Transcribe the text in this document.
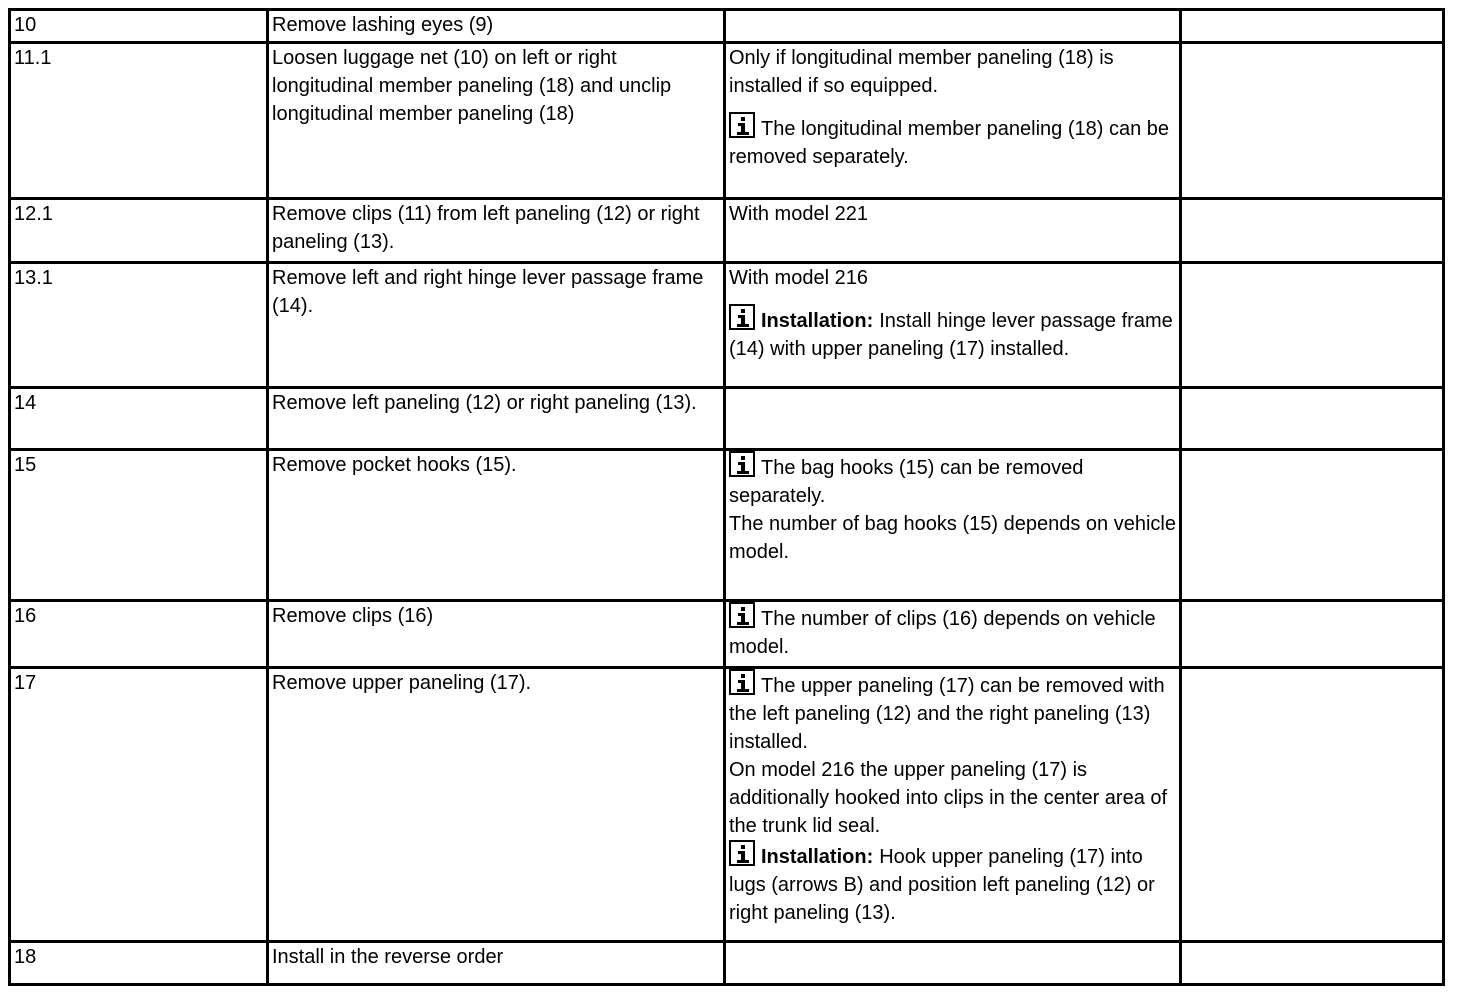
10	Remove lashing eyes (9)		
11.1	Loosen luggage net (10) on left or right longitudinal member paneling (18) and unclip longitudinal member paneling (18)	Only if longitudinal member paneling (18) is installed if so equipped.
The longitudinal member paneling (18) can be removed separately.	

12.1	Remove clips (11) from left paneling (12) or right paneling (13).	With model 221	

13.1	Remove left and right hinge lever passage frame (14).	With model 216
Installation: Install hinge lever passage frame (14) with upper paneling (17) installed.	

14	Remove left paneling (12) or right paneling (13).		
15	Remove pocket hooks (15).	The bag hooks (15) can be removed separately.
The number of bag hooks (15) depends on vehicle model.	

16	Remove clips (16)	The number of clips (16) depends on vehicle model.	

17	Remove upper paneling (17).	The upper paneling (17) can be removed with the left paneling (12) and the right paneling (13) installed.
On model 216 the upper paneling (17) is additionally hooked into clips in the center area of the trunk lid seal.
Installation: Hook upper paneling (17) into lugs (arrows B) and position left paneling (12) or right paneling (13).	

18	Install in the reverse order		
